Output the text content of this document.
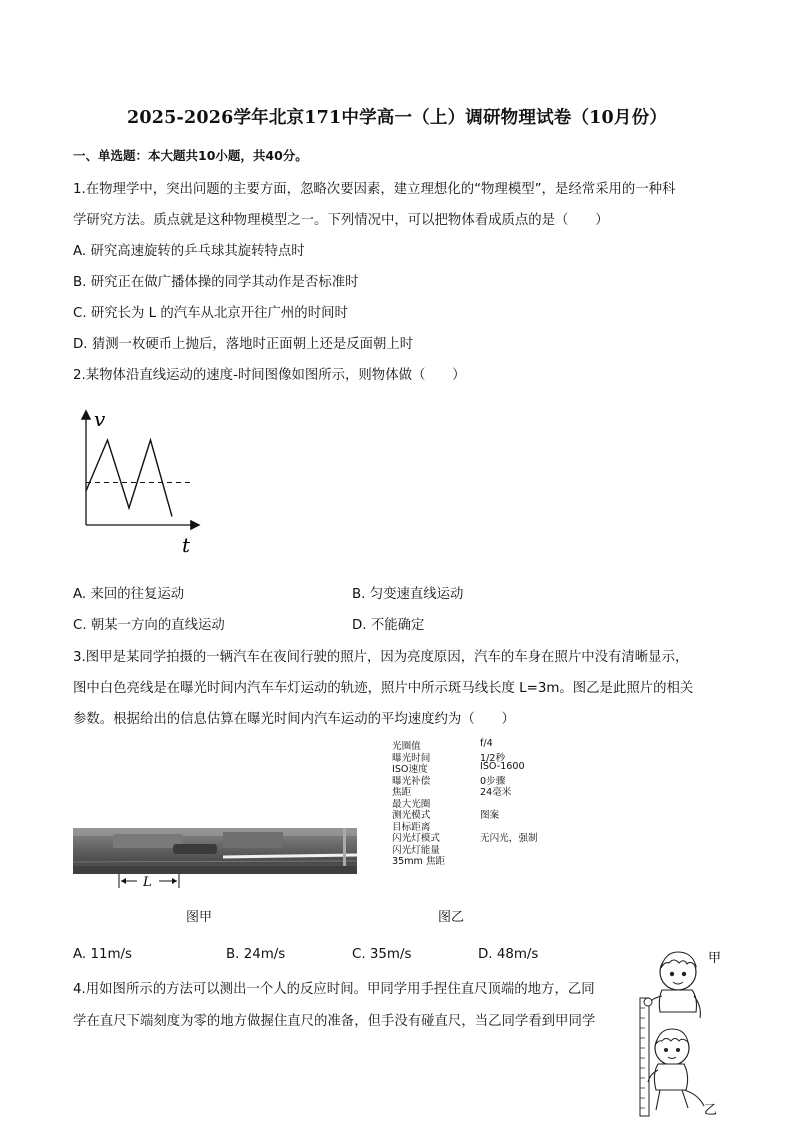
2025-2026学年北京171中学高一（上）调研物理试卷（10月份）
一、单选题：本大题共10小题，共40分。
1.在物理学中，突出问题的主要方面，忽略次要因素，建立理想化的“物理模型”，是经常采用的一种科
学研究方法。质点就是这种物理模型之一。下列情况中，可以把物体看成质点的是（　　）
A. 研究高速旋转的乒乓球其旋转特点时
B. 研究正在做广播体操的同学其动作是否标准时
C. 研究长为 L 的汽车从北京开往广州的时间时
D. 猜测一枚硬币上抛后，落地时正面朝上还是反面朝上时
2.某物体沿直线运动的速度-时间图像如图所示，则物体做（　　）
v
t
A. 来回的往复运动	B. 匀变速直线运动
C. 朝某一方向的直线运动	D. 不能确定
3.图甲是某同学拍摄的一辆汽车在夜间行驶的照片，因为亮度原因，汽车的车身在照片中没有清晰显示，
图中白色亮线是在曝光时间内汽车车灯运动的轨迹，照片中所示斑马线长度 L=3m。图乙是此照片的相关
参数。根据给出的信息估算在曝光时间内汽车运动的平均速度约为（　　）
L
光圈值	f/4
曝光时间	1/2秒
ISO速度	ISO-1600
曝光补偿	0步骤
焦距	24毫米
最大光圈
测光模式	图案
目标距离
闪光灯模式	无闪光，强制
闪光灯能量
35mm 焦距
图甲	图乙
A. 11m/s	B. 24m/s	C. 35m/s	D. 48m/s
4.用如图所示的方法可以测出一个人的反应时间。甲同学用手捏住直尺顶端的地方，乙同
学在直尺下端刻度为零的地方做握住直尺的准备，但手没有碰直尺，当乙同学看到甲同学
甲
乙
